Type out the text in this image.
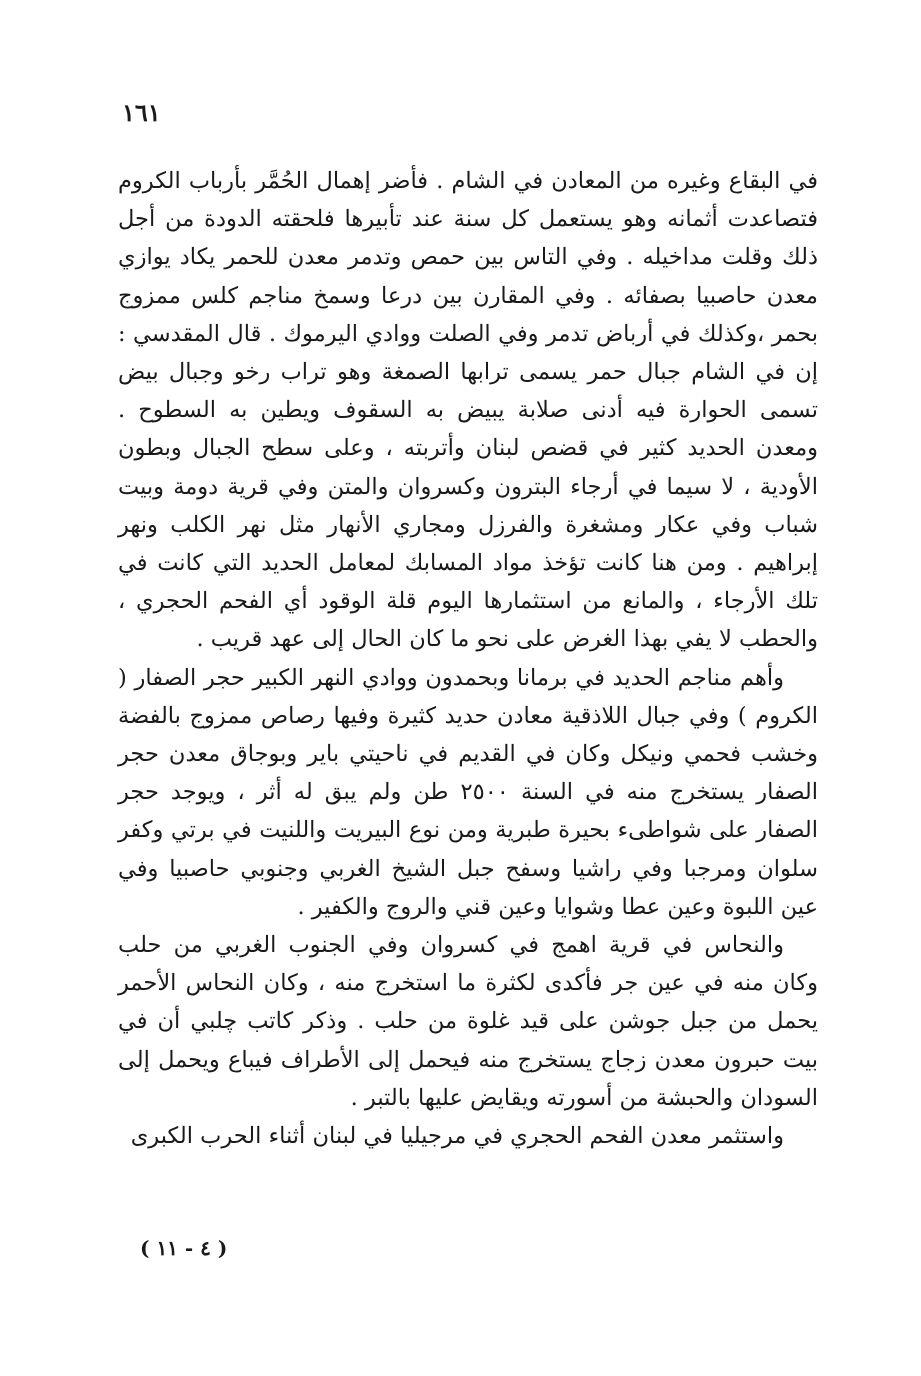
١٦١

في البقاع وغيره من المعادن في الشام . فأضر إهمال الحُمَّر بأرباب الكروم فتصاعدت أثمانه وهو يستعمل كل سنة عند تأبيرها فلحقته الدودة من أجل ذلك وقلت مداخيله . وفي التاس بين حمص وتدمر معدن للحمر يكاد يوازي معدن حاصبيا بصفائه . وفي المقارن بين درعا وسمخ مناجم كلس ممزوج بحمر ،وكذلك في أرباض تدمر وفي الصلت ووادي اليرموك . قال المقدسي : إن في الشام جبال حمر يسمى ترابها الصمغة وهو تراب رخو وجبال بيض تسمى الحوارة فيه أدنى صلابة يبيض به السقوف ويطين به السطوح . ومعدن الحديد كثير في قضص لبنان وأتربته ، وعلى سطح الجبال وبطون الأودية ، لا سيما في أرجاء البترون وكسروان والمتن وفي قرية دومة وبيت شباب وفي عكار ومشغرة والفرزل ومجاري الأنهار مثل نهر الكلب ونهر إبراهيم . ومن هنا كانت تؤخذ مواد المسابك لمعامل الحديد التي كانت في تلك الأرجاء ، والمانع من استثمارها اليوم قلة الوقود أي الفحم الحجري ، والحطب لا يفي بهذا الغرض على نحو ما كان الحال إلى عهد قريب .

وأهم مناجم الحديد في برمانا وبحمدون ووادي النهر الكبير حجر الصفار ( الكروم ) وفي جبال اللاذقية معادن حديد كثيرة وفيها رصاص ممزوج بالفضة وخشب فحمي ونيكل وكان في القديم في ناحيتي باير وبوجاق معدن حجر الصفار يستخرج منه في السنة ٢٥٠٠ طن ولم يبق له أثر ، ويوجد حجر الصفار على شواطىء بحيرة طبرية ومن نوع البيريت واللنيت في برتي وكفر سلوان ومرجبا وفي راشيا وسفح جبل الشيخ الغربي وجنوبي حاصبيا وفي عين اللبوة وعين عطا وشوايا وعين قني والروج والكفير .

والنحاس في قرية اهمج في كسروان وفي الجنوب الغربي من حلب وكان منه في عين جر فأكدى لكثرة ما استخرج منه ، وكان النحاس الأحمر يحمل من جبل جوشن على قيد غلوة من حلب . وذكر كاتب چلبي أن في بيت حبرون معدن زجاج يستخرج منه فيحمل إلى الأطراف فيباع ويحمل إلى السودان والحبشة من أسورته ويقايض عليها بالتبر .

واستثمر معدن الفحم الحجري في مرجيليا في لبنان أثناء الحرب الكبرى

( ٤ - ١١ )
